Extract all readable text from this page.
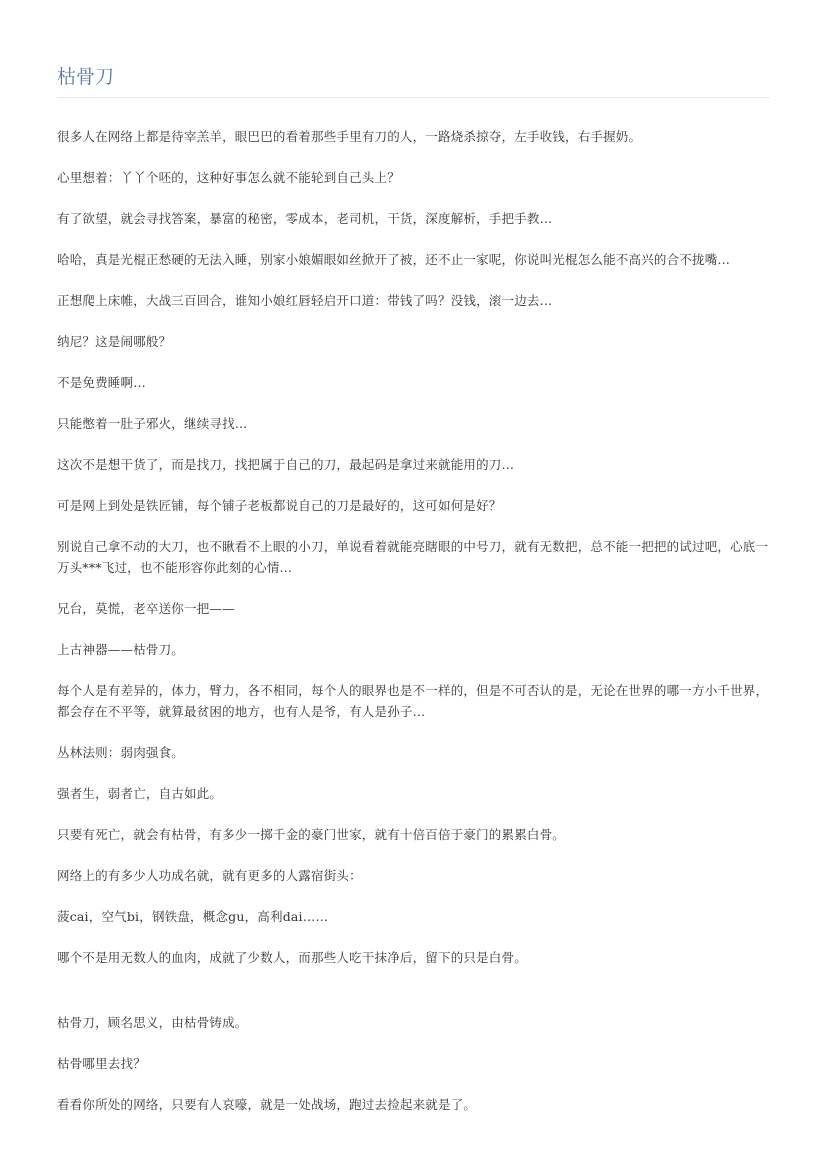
枯骨刀

很多人在网络上都是待宰羔羊，眼巴巴的看着那些手里有刀的人，一路烧杀掠夺，左手收钱，右手握奶。

心里想着：丫丫个呸的，这种好事怎么就不能轮到自己头上？

有了欲望，就会寻找答案，暴富的秘密，零成本，老司机，干货，深度解析，手把手教…

哈哈，真是光棍正愁硬的无法入睡，别家小娘媚眼如丝掀开了被，还不止一家呢，你说叫光棍怎么能不高兴的合不拢嘴…

正想爬上床帷，大战三百回合，谁知小娘红唇轻启开口道：带钱了吗？没钱，滚一边去…

纳尼？这是闹哪般？

不是免费睡啊…

只能憋着一肚子邪火，继续寻找…

这次不是想干货了，而是找刀，找把属于自己的刀，最起码是拿过来就能用的刀…

可是网上到处是铁匠铺，每个铺子老板都说自己的刀是最好的，这可如何是好？

别说自己拿不动的大刀，也不瞅看不上眼的小刀，单说看着就能亮瞎眼的中号刀，就有无数把，总不能一把把的试过吧，心底一万头***飞过，也不能形容你此刻的心情…

兄台，莫慌，老卒送你一把——

上古神器——枯骨刀。

每个人是有差异的，体力，臂力，各不相同，每个人的眼界也是不一样的，但是不可否认的是，无论在世界的哪一方小千世界，都会存在不平等，就算最贫困的地方，也有人是爷，有人是孙子…

丛林法则：弱肉强食。

强者生，弱者亡，自古如此。

只要有死亡，就会有枯骨，有多少一掷千金的豪门世家，就有十倍百倍于豪门的累累白骨。

网络上的有多少人功成名就，就有更多的人露宿街头：

菠cai，空气bi，钢铁盘，概念gu，高利dai……

哪个不是用无数人的血肉，成就了少数人，而那些人吃干抹净后，留下的只是白骨。

枯骨刀，顾名思义，由枯骨铸成。

枯骨哪里去找？

看看你所处的网络，只要有人哀嚎，就是一处战场，跑过去捡起来就是了。
